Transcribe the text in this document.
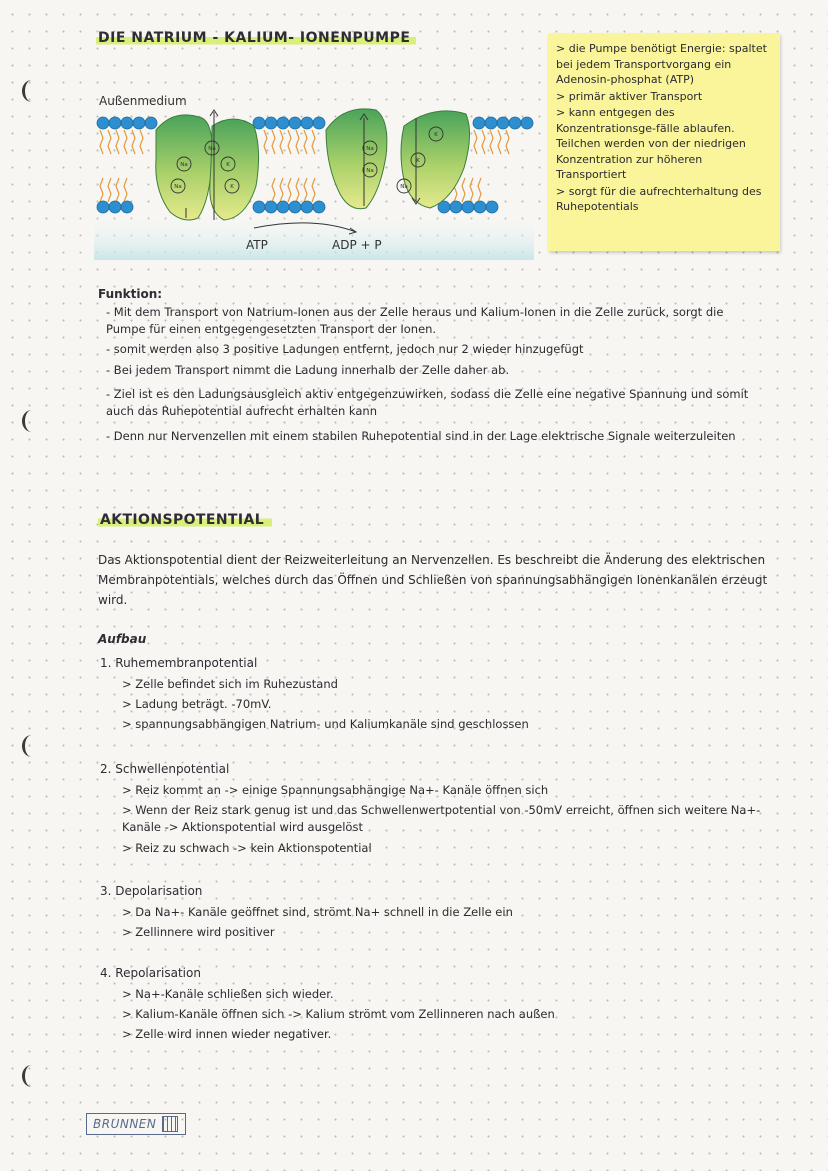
DIE NATRIUM - KALIUM- IONENPUMPE
Na
Na
Na
K
K
Na
Na
K
K
Na
Außenmedium
ATP	ADP + P

> die Pumpe benötigt Energie: spaltet bei jedem Transportvorgang ein Adenosin-phosphat (ATP)

> primär aktiver Transport

> kann entgegen des Konzentrationsge-fälle ablaufen. Teilchen werden von der niedrigen Konzentration zur höheren Transportiert

> sorgt für die aufrechterhaltung des Ruhepotentials

Funktion:
- Mit dem Transport von Natrium-Ionen aus der Zelle heraus und Kalium-Ionen in die Zelle zurück, sorgt die Pumpe für einen entgegengesetzten Transport der Ionen.
- somit werden also 3 positive Ladungen entfernt, jedoch nur 2 wieder hinzugefügt
- Bei jedem Transport nimmt die Ladung innerhalb der Zelle daher ab.
- Ziel ist es den Ladungsausgleich aktiv entgegenzuwirken, sodass die Zelle eine negative Spannung und somit auch das Ruhepotential aufrecht erhalten kann
- Denn nur Nervenzellen mit einem stabilen Ruhepotential sind in der Lage elektrische Signale weiterzuleiten
AKTIONSPOTENTIAL
Das Aktionspotential dient der Reizweiterleitung an Nervenzellen. Es beschreibt die Änderung des elektrischen Membranpotentials, welches durch das Öffnen und Schließen von spannungsabhängigen Ionenkanälen erzeugt wird.
Aufbau
1. Ruhemembranpotential
> Zelle befindet sich im Ruhezustand
> Ladung beträgt. -70mV.
> spannungsabhängigen Natrium- und Kaliumkanäle sind geschlossen
2. Schwellenpotential
> Reiz kommt an -> einige Spannungsabhängige Na+- Kanäle öffnen sich
> Wenn der Reiz stark genug ist und das Schwellenwertpotential von -50mV erreicht, öffnen sich weitere Na+- Kanäle -> Aktionspotential wird ausgelöst
> Reiz zu schwach -> kein Aktionspotential
3. Depolarisation
> Da Na+- Kanäle geöffnet sind, strömt Na+ schnell in die Zelle ein
> Zellinnere wird positiver
4. Repolarisation
> Na+-Kanäle schließen sich wieder.
> Kalium-Kanäle öffnen sich -> Kalium strömt vom Zellinneren nach außen
> Zelle wird innen wieder negativer.
BRUNNEN
